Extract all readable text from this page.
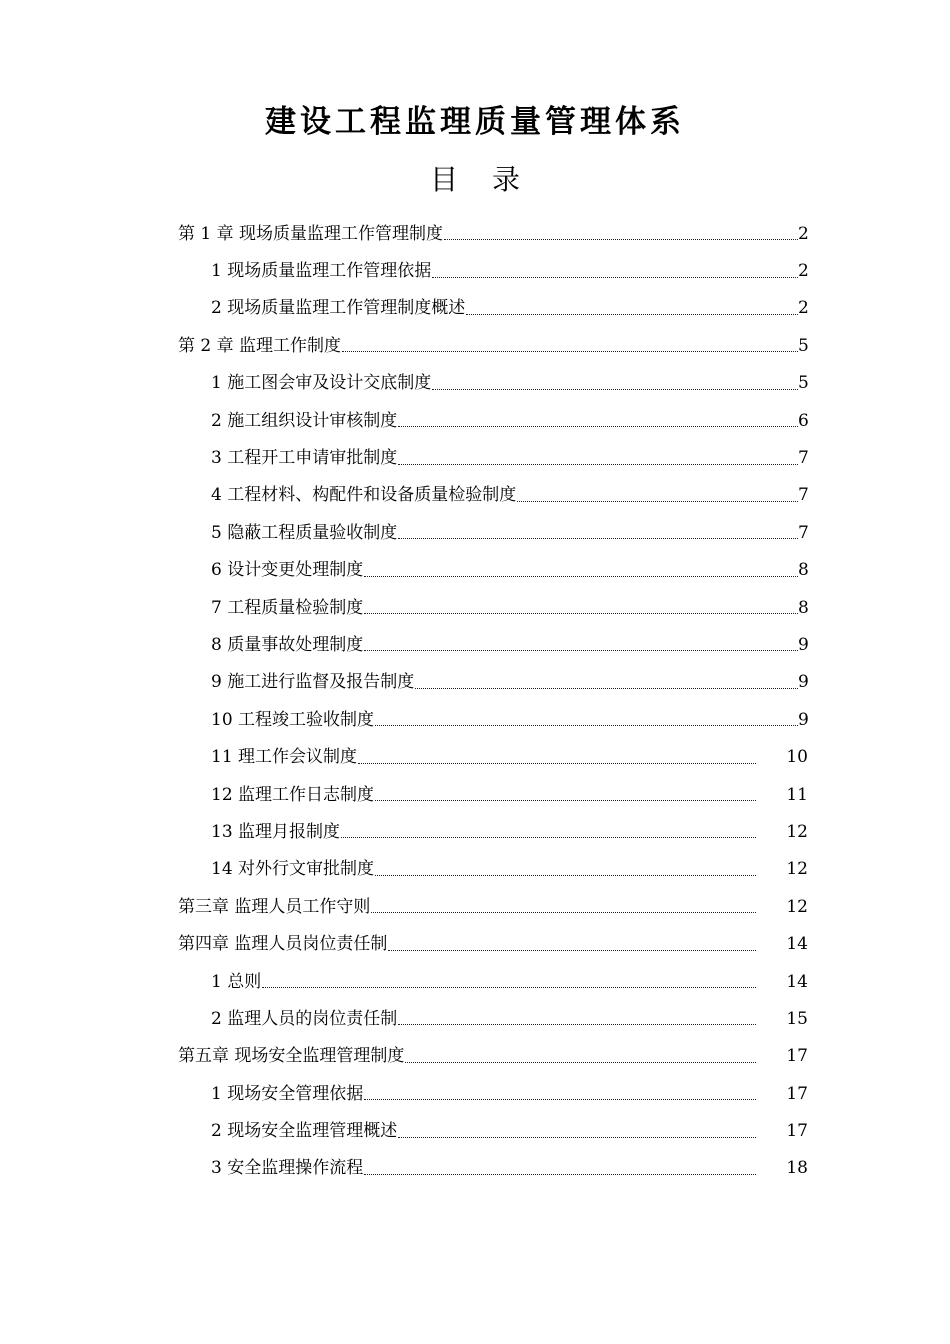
建设工程监理质量管理体系
目录
第 1 章 现场质量监理工作管理制度	2
1 现场质量监理工作管理依据	2
2 现场质量监理工作管理制度概述	2
第 2 章 监理工作制度	5
1 施工图会审及设计交底制度	5
2 施工组织设计审核制度	6
3 工程开工申请审批制度	7
4 工程材料、构配件和设备质量检验制度	7
5 隐蔽工程质量验收制度	7
6 设计变更处理制度	8
7 工程质量检验制度	8
8 质量事故处理制度	9
9 施工进行监督及报告制度	9
10 工程竣工验收制度	9
11 理工作会议制度	10
12 监理工作日志制度	11
13 监理月报制度	12
14 对外行文审批制度	12
第三章 监理人员工作守则	12
第四章 监理人员岗位责任制	14
1 总则	14
2 监理人员的岗位责任制	15
第五章 现场安全监理管理制度	17
1 现场安全管理依据	17
2 现场安全监理管理概述	17
3 安全监理操作流程	18
